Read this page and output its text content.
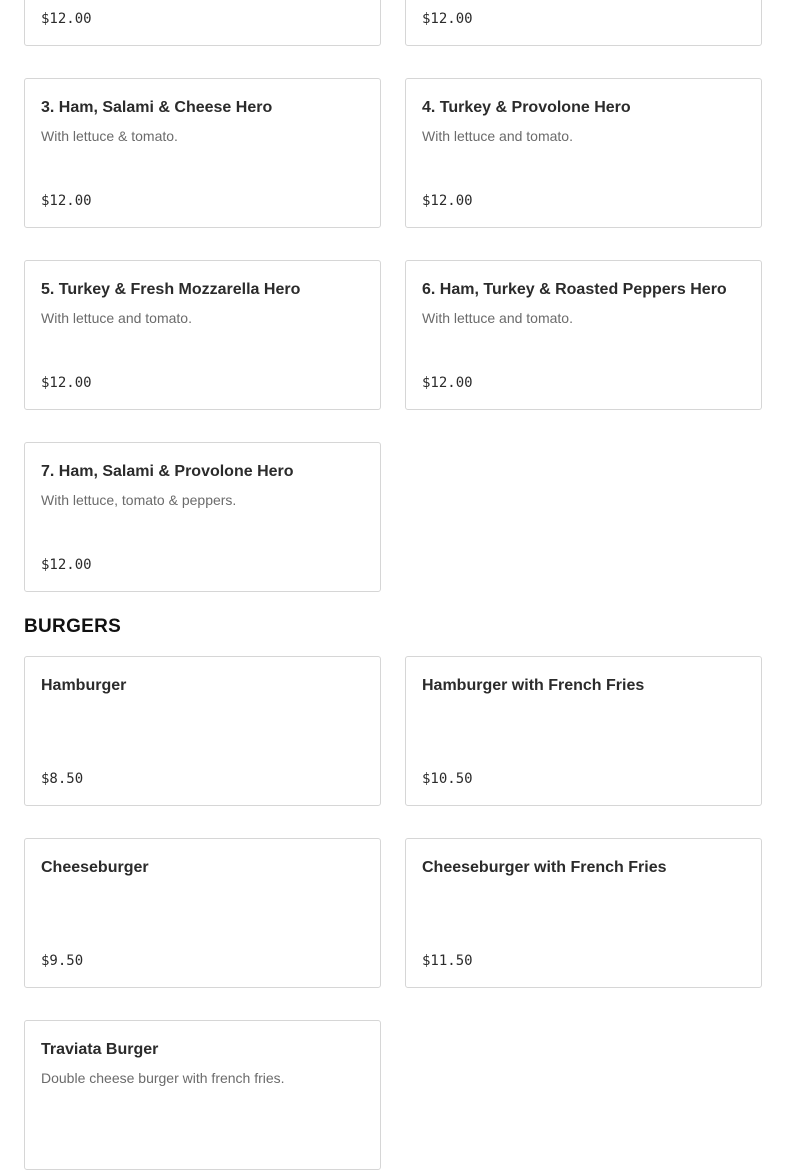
$12.00	$12.00
3. Ham, Salami & Cheese Hero
With lettuce & tomato.
$12.00
4. Turkey & Provolone Hero
With lettuce and tomato.
$12.00
5. Turkey & Fresh Mozzarella Hero
With lettuce and tomato.
$12.00
6. Ham, Turkey & Roasted Peppers Hero
With lettuce and tomato.
$12.00
7. Ham, Salami & Provolone Hero
With lettuce, tomato & peppers.
$12.00
BURGERS
Hamburger
$8.50
Hamburger with French Fries
$10.50
Cheeseburger
$9.50
Cheeseburger with French Fries
$11.50
Traviata Burger
Double cheese burger with french fries.
